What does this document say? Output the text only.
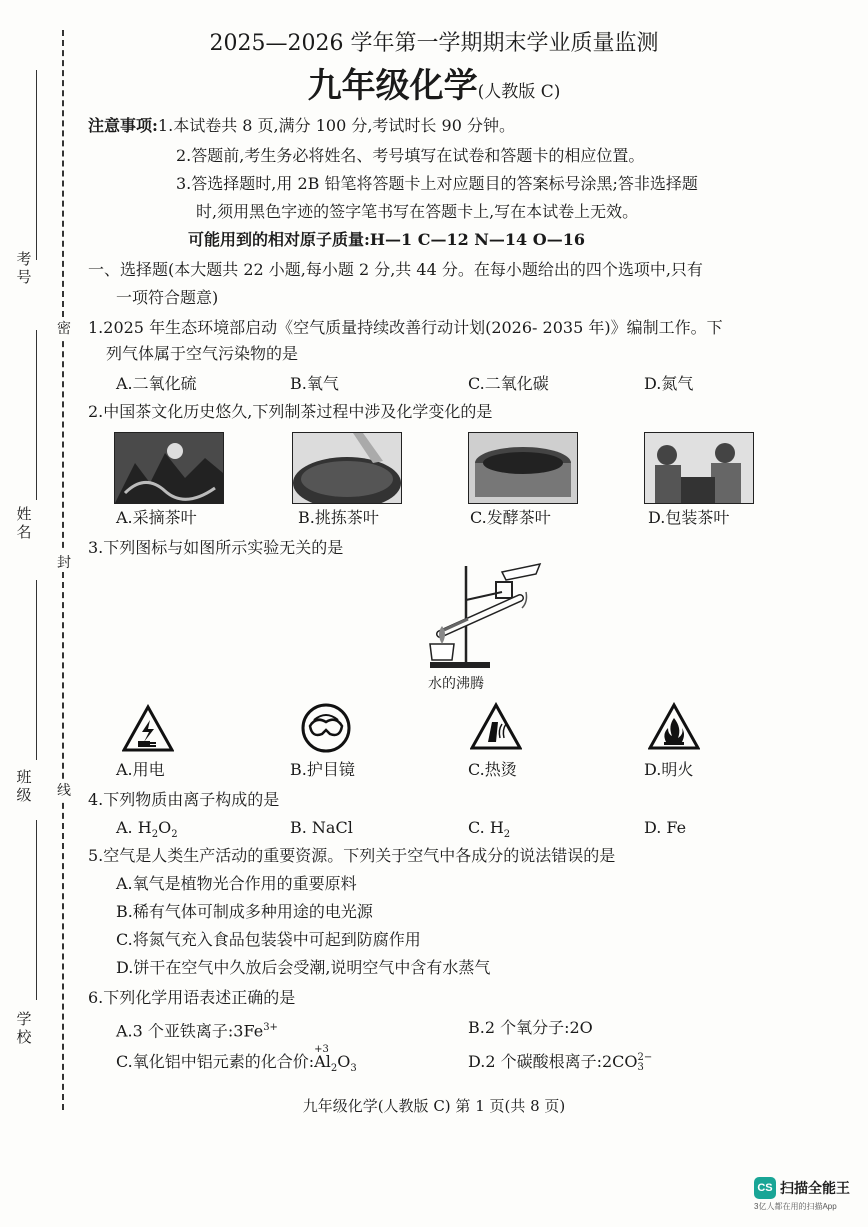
考号
姓名
班级
学校
密
封
线
2025—2026 学年第一学期期末学业质量监测
九年级化学(人教版 C)
注意事项:1.本试卷共 8 页,满分 100 分,考试时长 90 分钟。
2.答题前,考生务必将姓名、考号填写在试卷和答题卡的相应位置。
3.答选择题时,用 2B 铅笔将答题卡上对应题目的答案标号涂黑;答非选择题
时,须用黑色字迹的签字笔书写在答题卡上,写在本试卷上无效。
可能用到的相对原子质量:H—1 C—12 N—14 O—16
一、选择题(本大题共 22 小题,每小题 2 分,共 44 分。在每小题给出的四个选项中,只有
一项符合题意)
1.2025 年生态环境部启动《空气质量持续改善行动计划(2026- 2035 年)》编制工作。下
列气体属于空气污染物的是
A.二氧化硫	B.氧气	C.二氧化碳	D.氮气
2.中国茶文化历史悠久,下列制茶过程中涉及化学变化的是
A.采摘茶叶	B.挑拣茶叶	C.发酵茶叶	D.包装茶叶
3.下列图标与如图所示实验无关的是
水的沸腾
A.用电	B.护目镜	C.热烫	D.明火
4.下列物质由离子构成的是
A. $H_2O_2$	B. NaCl	C. $H_2$	D. Fe
5.空气是人类生产活动的重要资源。下列关于空气中各成分的说法错误的是
A.氧气是植物光合作用的重要原料
B.稀有气体可制成多种用途的电光源
C.将氮气充入食品包装袋中可起到防腐作用
D.饼干在空气中久放后会受潮,说明空气中含有水蒸气
6.下列化学用语表述正确的是
A.3 个亚铁离子$:3Fe^{3+}$	B.2 个氧分子:2O
C.氧化铝中铝元素的化合价:
+3
$Al_2O_3$	D.2 个碳酸根离子:2CO 2−
3
九年级化学(人教版 C) 第 1 页(共 8 页)
CS 扫描全能王
3亿人都在用的扫描App
